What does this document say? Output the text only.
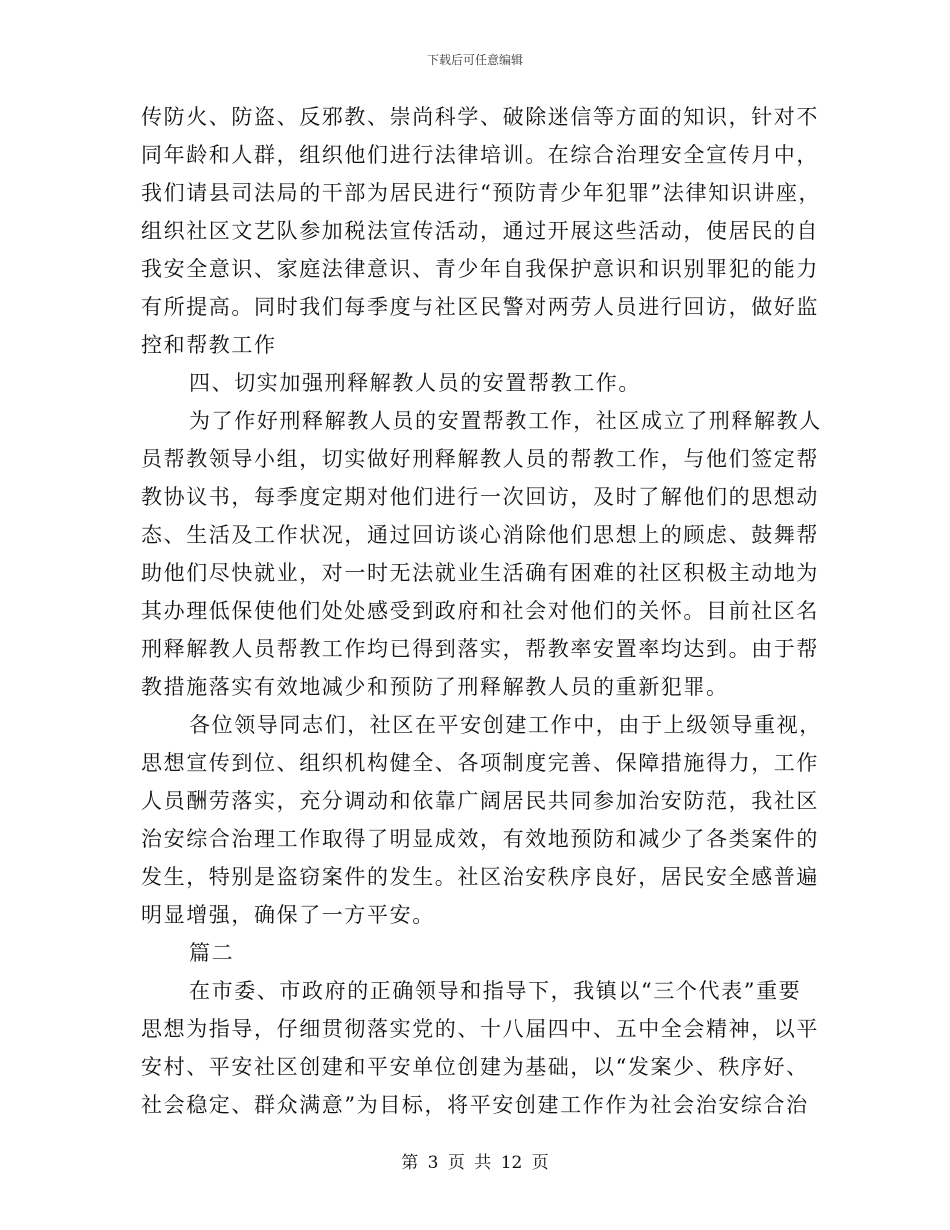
下载后可任意编辑
传防火、防盗、反邪教、崇尚科学、破除迷信等方面的知识，针对不
同年龄和人群，组织他们进行法律培训。在综合治理安全宣传月中，
我们请县司法局的干部为居民进行“预防青少年犯罪”法律知识讲座，
组织社区文艺队参加税法宣传活动，通过开展这些活动，使居民的自
我安全意识、家庭法律意识、青少年自我保护意识和识别罪犯的能力
有所提高。同时我们每季度与社区民警对两劳人员进行回访，做好监
控和帮教工作
四、切实加强刑释解教人员的安置帮教工作。
为了作好刑释解教人员的安置帮教工作，社区成立了刑释解教人
员帮教领导小组，切实做好刑释解教人员的帮教工作，与他们签定帮
教协议书，每季度定期对他们进行一次回访，及时了解他们的思想动
态、生活及工作状况，通过回访谈心消除他们思想上的顾虑、鼓舞帮
助他们尽快就业，对一时无法就业生活确有困难的社区积极主动地为
其办理低保使他们处处感受到政府和社会对他们的关怀。目前社区名
刑释解教人员帮教工作均已得到落实，帮教率安置率均达到。由于帮
教措施落实有效地减少和预防了刑释解教人员的重新犯罪。
各位领导同志们，社区在平安创建工作中，由于上级领导重视，
思想宣传到位、组织机构健全、各项制度完善、保障措施得力，工作
人员酬劳落实，充分调动和依靠广阔居民共同参加治安防范，我社区
治安综合治理工作取得了明显成效，有效地预防和减少了各类案件的
发生，特别是盗窃案件的发生。社区治安秩序良好，居民安全感普遍
明显增强，确保了一方平安。
篇二
在市委、市政府的正确领导和指导下，我镇以“三个代表”重要
思想为指导，仔细贯彻落实党的、十八届四中、五中全会精神，以平
安村、平安社区创建和平安单位创建为基础，以“发案少、秩序好、
社会稳定、群众满意”为目标，将平安创建工作作为社会治安综合治
第 3 页 共 12 页
